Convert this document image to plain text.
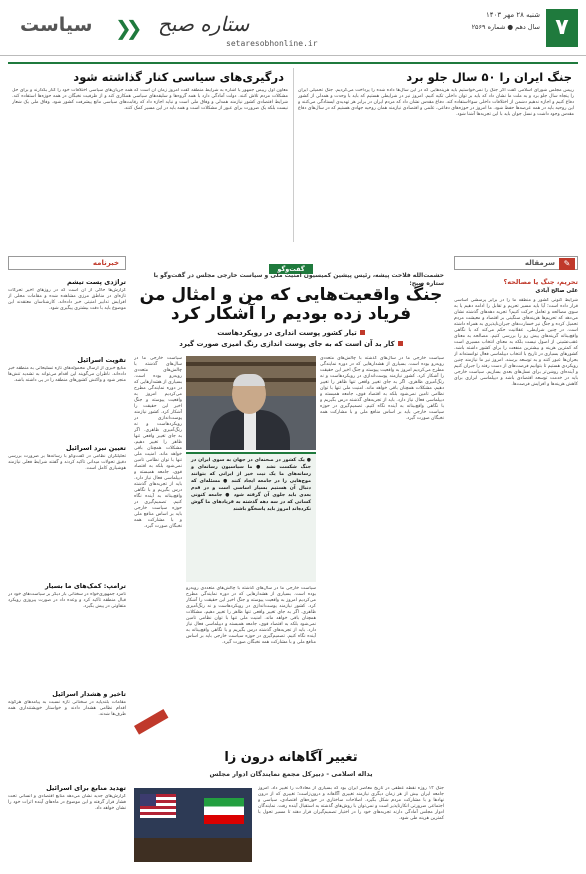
۷
شنبه ۲۸ مهر ۱۴۰۳
سال دهم ● شماره ۲۵۶۹
setaresobhonline.ir
ستاره صبح
❮❮
سیاست
جنگ ایران را ۵۰ سال جلو برد
درگیری‌های سیاسی کنار گذاشته شود
رییس مجلس شورای اسلامی گفت اگر جنگ را نمی‌خواستیم باید هزینه‌هایی که در این سال‌ها داده شده را پرداخت می‌کردیم. جنگ تحمیلی ایران را پنجاه سال جلو برد و به ملت ما نشان داد که باید بر توان داخلی تکیه کنیم. امروز نیز در شرایطی هستیم که باید با وحدت و همدلی از کشور دفاع کنیم و اجازه ندهیم دشمن از اختلافات داخلی سوءاستفاده کند. دفاع مقدس نشان داد که مردم ایران در برابر هر تهدیدی ایستادگی می‌کنند و این روحیه باید در همه عرصه‌ها حفظ شود. ما امروز در حوزه‌های دفاعی، علمی و اقتصادی نیازمند همان روحیه جهادی هستیم که در سال‌های دفاع مقدس وجود داشت و نسل جوان باید با این تجربه‌ها آشنا شود.
معاون اول رییس جمهور با اشاره به شرایط منطقه گفت امروز زمان آن است که همه جریان‌های سیاسی اختلافات خود را کنار بگذارند و برای حل مشکلات مردم تلاش کنند. دولت آمادگی دارد با همه گروه‌ها و سلیقه‌های سیاسی همکاری کند و از ظرفیت نخبگان در همه حوزه‌ها استفاده کند. شرایط اقتصادی کشور نیازمند همدلی و وفاق ملی است و نباید اجازه داد که رقابت‌های سیاسی مانع پیشرفت کشور شود. وفاق ملی یک شعار نیست بلکه یک ضرورت برای عبور از مشکلات است و همه باید در این مسیر کمک کنند.
خبرنامه
تراژدی پست تیشم
گزارش‌ها حاکی از آن است که در روزهای اخیر تحرکات تازه‌ای در مناطق مرزی مشاهده شده و مقامات محلی از افزایش تدابیر امنیتی خبر داده‌اند. کارشناسان معتقدند این موضوع باید با دقت بیشتری پیگیری شود.
تقویت اسرائیل
منابع خبری از ارسال محموله‌های تازه تسلیحاتی به منطقه خبر داده‌اند. ناظران می‌گویند این اقدام می‌تواند به تشدید تنش‌ها منجر شود و واکنش کشورهای منطقه را در پی داشته باشد.
تعیین نبرد اسرائیل
تحلیلگران نظامی در گفت‌وگو با رسانه‌ها بر ضرورت بررسی دقیق تحولات میدانی تاکید کردند و گفتند شرایط فعلی نیازمند هوشیاری کامل است.
ترامپ: کمک‌های ما بسیار
نامزد جمهوری‌خواه در سخنانی بار دیگر بر سیاست‌های خود در قبال منطقه تاکید کرد و وعده داد در صورت پیروزی رویکرد متفاوتی در پیش بگیرد.
تاخیر و هشدار اسرائیل
مقامات بلندپایه در سخنانی تازه نسبت به پیامدهای هرگونه اقدام نظامی هشدار دادند و خواستار خویشتنداری همه طرف‌ها شدند.
تهدید منابع برای اسرائیل
گزارش‌های جدید نشان می‌دهد منابع اقتصادی و انسانی تحت فشار قرار گرفته و این موضوع در ماه‌های آینده اثرات خود را نشان خواهد داد.
گفت‌وگو
حشمت‌الله فلاحت پیشه، رئیس پیشین کمیسیون امنیت ملی و سیاست خارجی مجلس در گفت‌وگو با ستاره صبح:
جنگ واقعیت‌هایی که من و امثال من فریاد زده بودیم را آشکار کرد
تیار کشور پوست انداری در روپکردهاست
کار بد آن است که به جای پوست اندازی رنگ امیزی صورت گیرد

● یک کشور در صحنه‌ای در جهان به سوی ایران در جنگ شکست نشد ● ما سیاسیون رسانه‌ای و رسانه‌های ما یک نیت خیر از ایرانی که بتوانند موج‌هایی را در جامعه ایجاد کنند ● مسئله‌ای که دنبال آن هستیم بسیار اساسی است و در قدم بعدی باید جلوی آن گرفته شود ● جامعه کنونی کسانی که در سه دهه گذشته به فریادهای ما گوش نکرده‌اند امروز باید پاسخگو باشند

سیاست خارجی ما در سال‌های گذشته با چالش‌های متعددی روبه‌رو بوده است. بسیاری از هشدارهایی که در دوره نمایندگی مطرح می‌کردیم امروز به واقعیت پیوسته و جنگ اخیر این حقیقت را آشکار کرد. کشور نیازمند پوست‌اندازی در رویکردهاست و نه رنگ‌آمیزی ظاهری. اگر به جای تغییر واقعی تنها ظاهر را تغییر دهیم، مشکلات همچنان باقی خواهد ماند. امنیت ملی تنها با توان نظامی تامین نمی‌شود بلکه به اقتصاد قوی، جامعه همبسته و دیپلماسی فعال نیاز دارد. باید از تجربه‌های گذشته درس بگیریم و با نگاهی واقع‌بینانه به آینده نگاه کنیم. تصمیم‌گیری در حوزه سیاست خارجی باید بر اساس منافع ملی و با مشارکت همه نخبگان صورت گیرد.
سیاست خارجی ما در سال‌های گذشته با چالش‌های متعددی روبه‌رو بوده است. بسیاری از هشدارهایی که در دوره نمایندگی مطرح می‌کردیم امروز به واقعیت پیوسته و جنگ اخیر این حقیقت را آشکار کرد. کشور نیازمند پوست‌اندازی در رویکردهاست و نه رنگ‌آمیزی ظاهری. اگر به جای تغییر واقعی تنها ظاهر را تغییر دهیم، مشکلات همچنان باقی خواهد ماند. امنیت ملی تنها با توان نظامی تامین نمی‌شود بلکه به اقتصاد قوی، جامعه همبسته و دیپلماسی فعال نیاز دارد. باید از تجربه‌های گذشته درس بگیریم و با نگاهی واقع‌بینانه به آینده نگاه کنیم. تصمیم‌گیری در حوزه سیاست خارجی باید بر اساس منافع ملی و با مشارکت همه نخبگان صورت گیرد.
سیاست خارجی ما در سال‌های گذشته با چالش‌های متعددی روبه‌رو بوده است. بسیاری از هشدارهایی که در دوره نمایندگی مطرح می‌کردیم امروز به واقعیت پیوسته و جنگ اخیر این حقیقت را آشکار کرد. کشور نیازمند پوست‌اندازی در رویکردهاست و نه رنگ‌آمیزی ظاهری. اگر به جای تغییر واقعی تنها ظاهر را تغییر دهیم، مشکلات همچنان باقی خواهد ماند. امنیت ملی تنها با توان نظامی تامین نمی‌شود بلکه به اقتصاد قوی، جامعه همبسته و دیپلماسی فعال نیاز دارد. باید از تجربه‌های گذشته درس بگیریم و با نگاهی واقع‌بینانه به آینده نگاه کنیم. تصمیم‌گیری در حوزه سیاست خارجی باید بر اساس منافع ملی و با مشارکت همه نخبگان صورت گیرد.
تغییر آگاهانه درون زا
یداله اسلامی - دبیرکل مجمع نمایندگان ادوار مجلس
جنگ ۱۲ روزه نقطه عطفی در تاریخ معاصر ایران بود که بسیاری از معادلات را تغییر داد. امروز جامعه ایران بیش از هر زمان دیگری نیازمند تغییری آگاهانه و درون‌زاست؛ تغییری که از درون نهادها و با مشارکت مردم شکل بگیرد. اصلاحات ساختاری در حوزه‌های اقتصادی، سیاسی و اجتماعی ضرورتی انکارناپذیر است و نمی‌توان با روش‌های گذشته به استقبال آینده رفت. نمایندگان ادوار مجلس آمادگی دارند تجربه‌های خود را در اختیار تصمیم‌گیران قرار دهند تا مسیر تحول با کمترین هزینه طی شود.
✎
سرمقاله
تحریم، جنگ یا مصالحه؟
علی صالح آبادی
شرایط کنونی کشور و منطقه ما را در برابر پرسشی اساسی قرار داده است؛ آیا باید مسیر تحریم و تقابل را ادامه دهیم یا به سوی مصالحه و تعامل حرکت کنیم؟ تجربه دهه‌های گذشته نشان می‌دهد که تحریم‌ها هزینه‌های سنگینی بر اقتصاد و معیشت مردم تحمیل کرده و جنگ نیز خسارت‌های جبران‌ناپذیری به همراه داشته است. در چنین شرایطی، عقلانیت حکم می‌کند که با نگاهی واقع‌بینانه گزینه‌های پیش رو را بررسی کنیم. مصالحه به معنای عقب‌نشینی از اصول نیست بلکه به معنای انتخاب مسیری است که کمترین هزینه و بیشترین منفعت را برای کشور داشته باشد. کشورهای بسیاری در تاریخ با انتخاب دیپلماسی فعال توانسته‌اند از بحران‌ها عبور کنند و به توسعه برسند. امروز نیز ما نیازمند چنین رویکردی هستیم تا بتوانیم فرصت‌های از دست رفته را جبران کنیم و آینده‌ای روشن‌تر برای نسل‌های بعدی بسازیم. سیاست خارجی باید در خدمت توسعه اقتصادی باشد و دیپلماسی ابزاری برای کاهش هزینه‌ها و افزایش فرصت‌ها.
